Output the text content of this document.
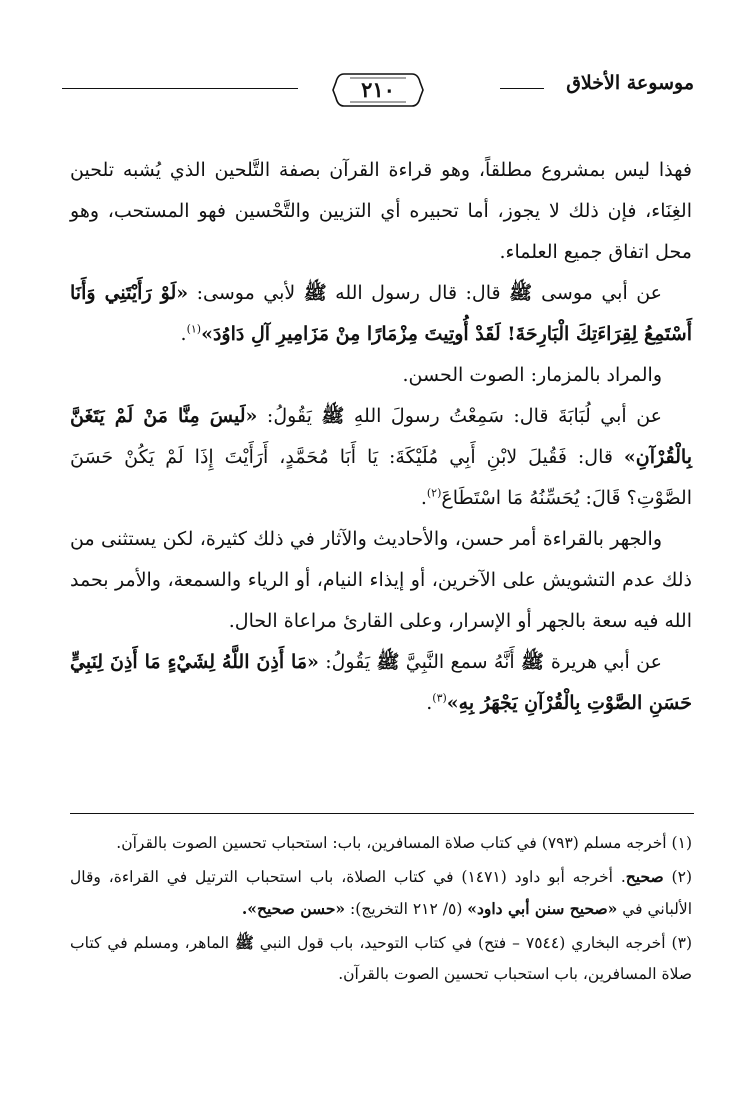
موسوعة الأخلاق
٢١٠

فهذا ليس بمشروع مطلقاً، وهو قراءة القرآن بصفة التَّلحين الذي يُشبه تلحين الغِنَاء، فإن ذلك لا يجوز، أما تحبيره أي التزيين والتَّحْسين فهو المستحب، وهو محل اتفاق جميع العلماء.

عن أبي موسى ﷺ قال: قال رسول الله ﷺ لأبي موسى: «لَوْ رَأَيْتَنِي وَأَنَا أَسْتَمِعُ لِقِرَاءَتِكَ الْبَارِحَةَ! لَقَدْ أُوتِيتَ مِزْمَارًا مِنْ مَزَامِيرِ آلِ دَاوُدَ»$^{(١)}$.

والمراد بالمزمار: الصوت الحسن.

عن أبي لُبَابَةَ قال: سَمِعْتُ رسولَ اللهِ ﷺ يَقُولُ: «لَيسَ مِنَّا مَنْ لَمْ يَتَغَنَّ بِالْقُرْآنِ» قال: فَقُيلَ لابْنِ أَبِي مُلَيْكَةَ: يَا أَبَا مُحَمَّدٍ، أَرَأَيْتَ إِذَا لَمْ يَكُنْ حَسَنَ الصَّوْتِ؟ قَالَ: يُحَسِّنُهُ مَا اسْتَطَاعَ$^{(٢)}$.

والجهر بالقراءة أمر حسن، والأحاديث والآثار في ذلك كثيرة، لكن يستثنى من ذلك عدم التشويش على الآخرين، أو إيذاء النيام، أو الرياء والسمعة، والأمر بحمد الله فيه سعة بالجهر أو الإسرار، وعلى القارئ مراعاة الحال.

عن أبي هريرة ﷺ أَنَّهُ سمع النَّبِيَّ ﷺ يَقُولُ: «مَا أَذِنَ اللَّهُ لِشَيْءٍ مَا أَذِنَ لِنَبِيٍّ حَسَنِ الصَّوْتِ بِالْقُرْآنِ يَجْهَرُ بِهِ»$^{(٣)}$.

(١) أخرجه مسلم (٧٩٣) في كتاب صلاة المسافرين، باب: استحباب تحسين الصوت بالقرآن.

(٢) صحيح. أخرجه أبو داود (١٤٧١) في كتاب الصلاة، باب استحباب الترتيل في القراءة، وقال الألباني في «صحيح سنن أبي داود» (٥/ ٢١٢ التخريج): «حسن صحيح».

(٣) أخرجه البخاري (٧٥٤٤ – فتح) في كتاب التوحيد، باب قول النبي ﷺ الماهر، ومسلم في كتاب صلاة المسافرين، باب استحباب تحسين الصوت بالقرآن.
